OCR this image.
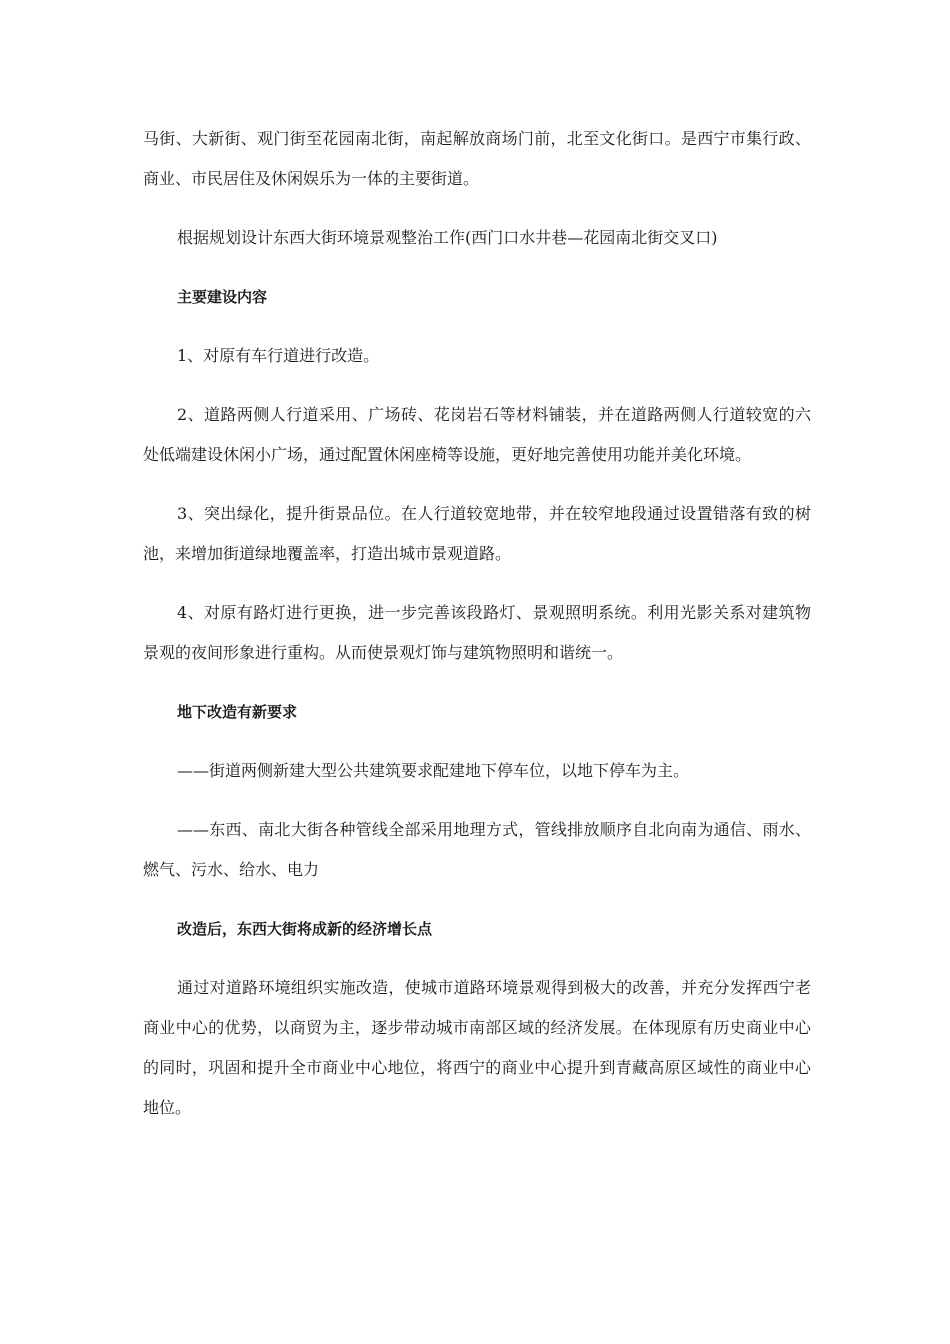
马街、大新街、观门街至花园南北街，南起解放商场门前，北至文化街口。是西宁市集行政、商业、市民居住及休闲娱乐为一体的主要街道。

根据规划设计东西大街环境景观整治工作(西门口水井巷—花园南北街交叉口)

主要建设内容

1、对原有车行道进行改造。

2、道路两侧人行道采用、广场砖、花岗岩石等材料铺装，并在道路两侧人行道较宽的六处低端建设休闲小广场，通过配置休闲座椅等设施，更好地完善使用功能并美化环境。

3、突出绿化，提升街景品位。在人行道较宽地带，并在较窄地段通过设置错落有致的树池，来增加街道绿地覆盖率，打造出城市景观道路。

4、对原有路灯进行更换，进一步完善该段路灯、景观照明系统。利用光影关系对建筑物景观的夜间形象进行重构。从而使景观灯饰与建筑物照明和谐统一。

地下改造有新要求

——街道两侧新建大型公共建筑要求配建地下停车位，以地下停车为主。

——东西、南北大街各种管线全部采用地理方式，管线排放顺序自北向南为通信、雨水、燃气、污水、给水、电力

改造后，东西大街将成新的经济增长点

通过对道路环境组织实施改造，使城市道路环境景观得到极大的改善，并充分发挥西宁老商业中心的优势，以商贸为主，逐步带动城市南部区域的经济发展。在体现原有历史商业中心的同时，巩固和提升全市商业中心地位，将西宁的商业中心提升到青藏高原区域性的商业中心地位。
